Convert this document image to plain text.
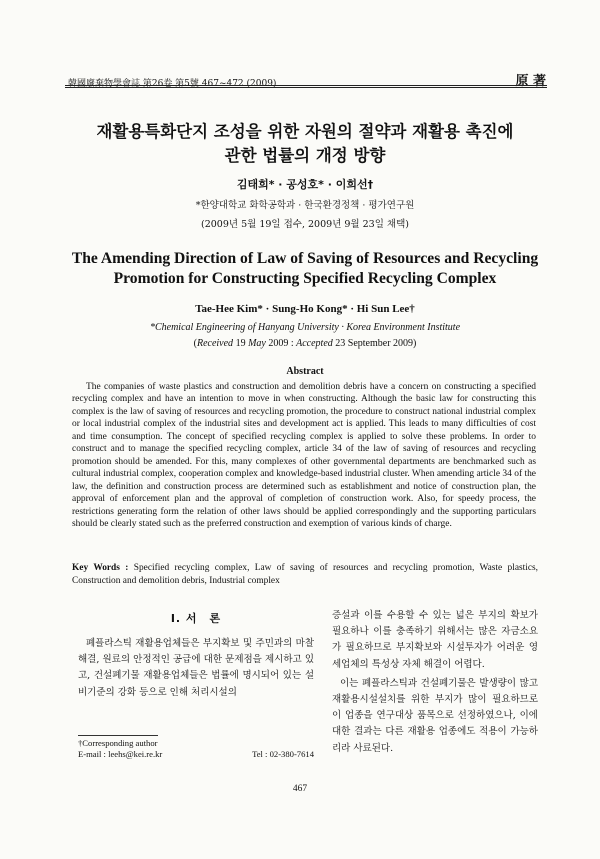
韓國廢棄物學會誌 第26卷 第5號 467~472 (2009)	原 著
재활용특화단지 조성을 위한 자원의 절약과 재활용 촉진에
관한 법률의 개정 방향
김태희* · 공성호* · 이희선†
*한양대학교 화학공학과 · 한국환경정책 · 평가연구원
(2009년 5월 19일 접수, 2009년 9월 23일 채택)
The Amending Direction of Law of Saving of Resources and Recycling
Promotion for Constructing Specified Recycling Complex
Tae-Hee Kim* · Sung-Ho Kong* · Hi Sun Lee†
*Chemical Engineering of Hanyang University · Korea Environment Institute
(Received 19 May 2009 : Accepted 23 September 2009)
Abstract

The companies of waste plastics and construction and demolition debris have a concern on constructing a specified recycling complex and have an intention to move in when constructing. Although the basic law for constructing this complex is the law of saving of resources and recycling promotion, the procedure to construct national industrial complex or local industrial complex of the industrial sites and development act is applied. This leads to many difficulties of cost and time consumption. The concept of specified recycling complex is applied to solve these problems. In order to construct and to manage the specified recycling complex, article 34 of the law of saving of resources and recycling promotion should be amended. For this, many complexes of other governmental departments are benchmarked such as cultural industrial complex, cooperation complex and knowledge-based industrial cluster. When amending article 34 of the law, the definition and construction process are determined such as establishment and notice of construction plan, the approval of enforcement plan and the approval of completion of construction work. Also, for speedy process, the restrictions generating form the relation of other laws should be applied correspondingly and the supporting particulars should be clearly stated such as the preferred construction and exemption of various kinds of charge.

Key Words : Specified recycling complex, Law of saving of resources and recycling promotion, Waste plastics, Construction and demolition debris, Industrial complex
I. 서　론

폐플라스틱 재활용업체들은 부지확보 및 주민과의 마찰 해결, 원료의 안정적인 공급에 대한 문제점을 제시하고 있고, 건설폐기물 재활용업체들은 법률에 명시되어 있는 설비기준의 강화 등으로 인해 처리시설의

증설과 이를 수용할 수 있는 넓은 부지의 확보가 필요하나 이를 충족하기 위해서는 많은 자금소요가 필요하므로 부지확보와 시설투자가 어려운 영세업체의 특성상 자체 해결이 어렵다.

이는 폐플라스틱과 건설폐기물은 발생량이 많고 재활용시설설치를 위한 부지가 많이 필요하므로 이 업종을 연구대상 품목으로 선정하였으나, 이에 대한 결과는 다른 재활용 업종에도 적용이 가능하리라 사료된다.

†Corresponding author
E-mail : leehs@kei.re.kr	Tel : 02-380-7614
467
